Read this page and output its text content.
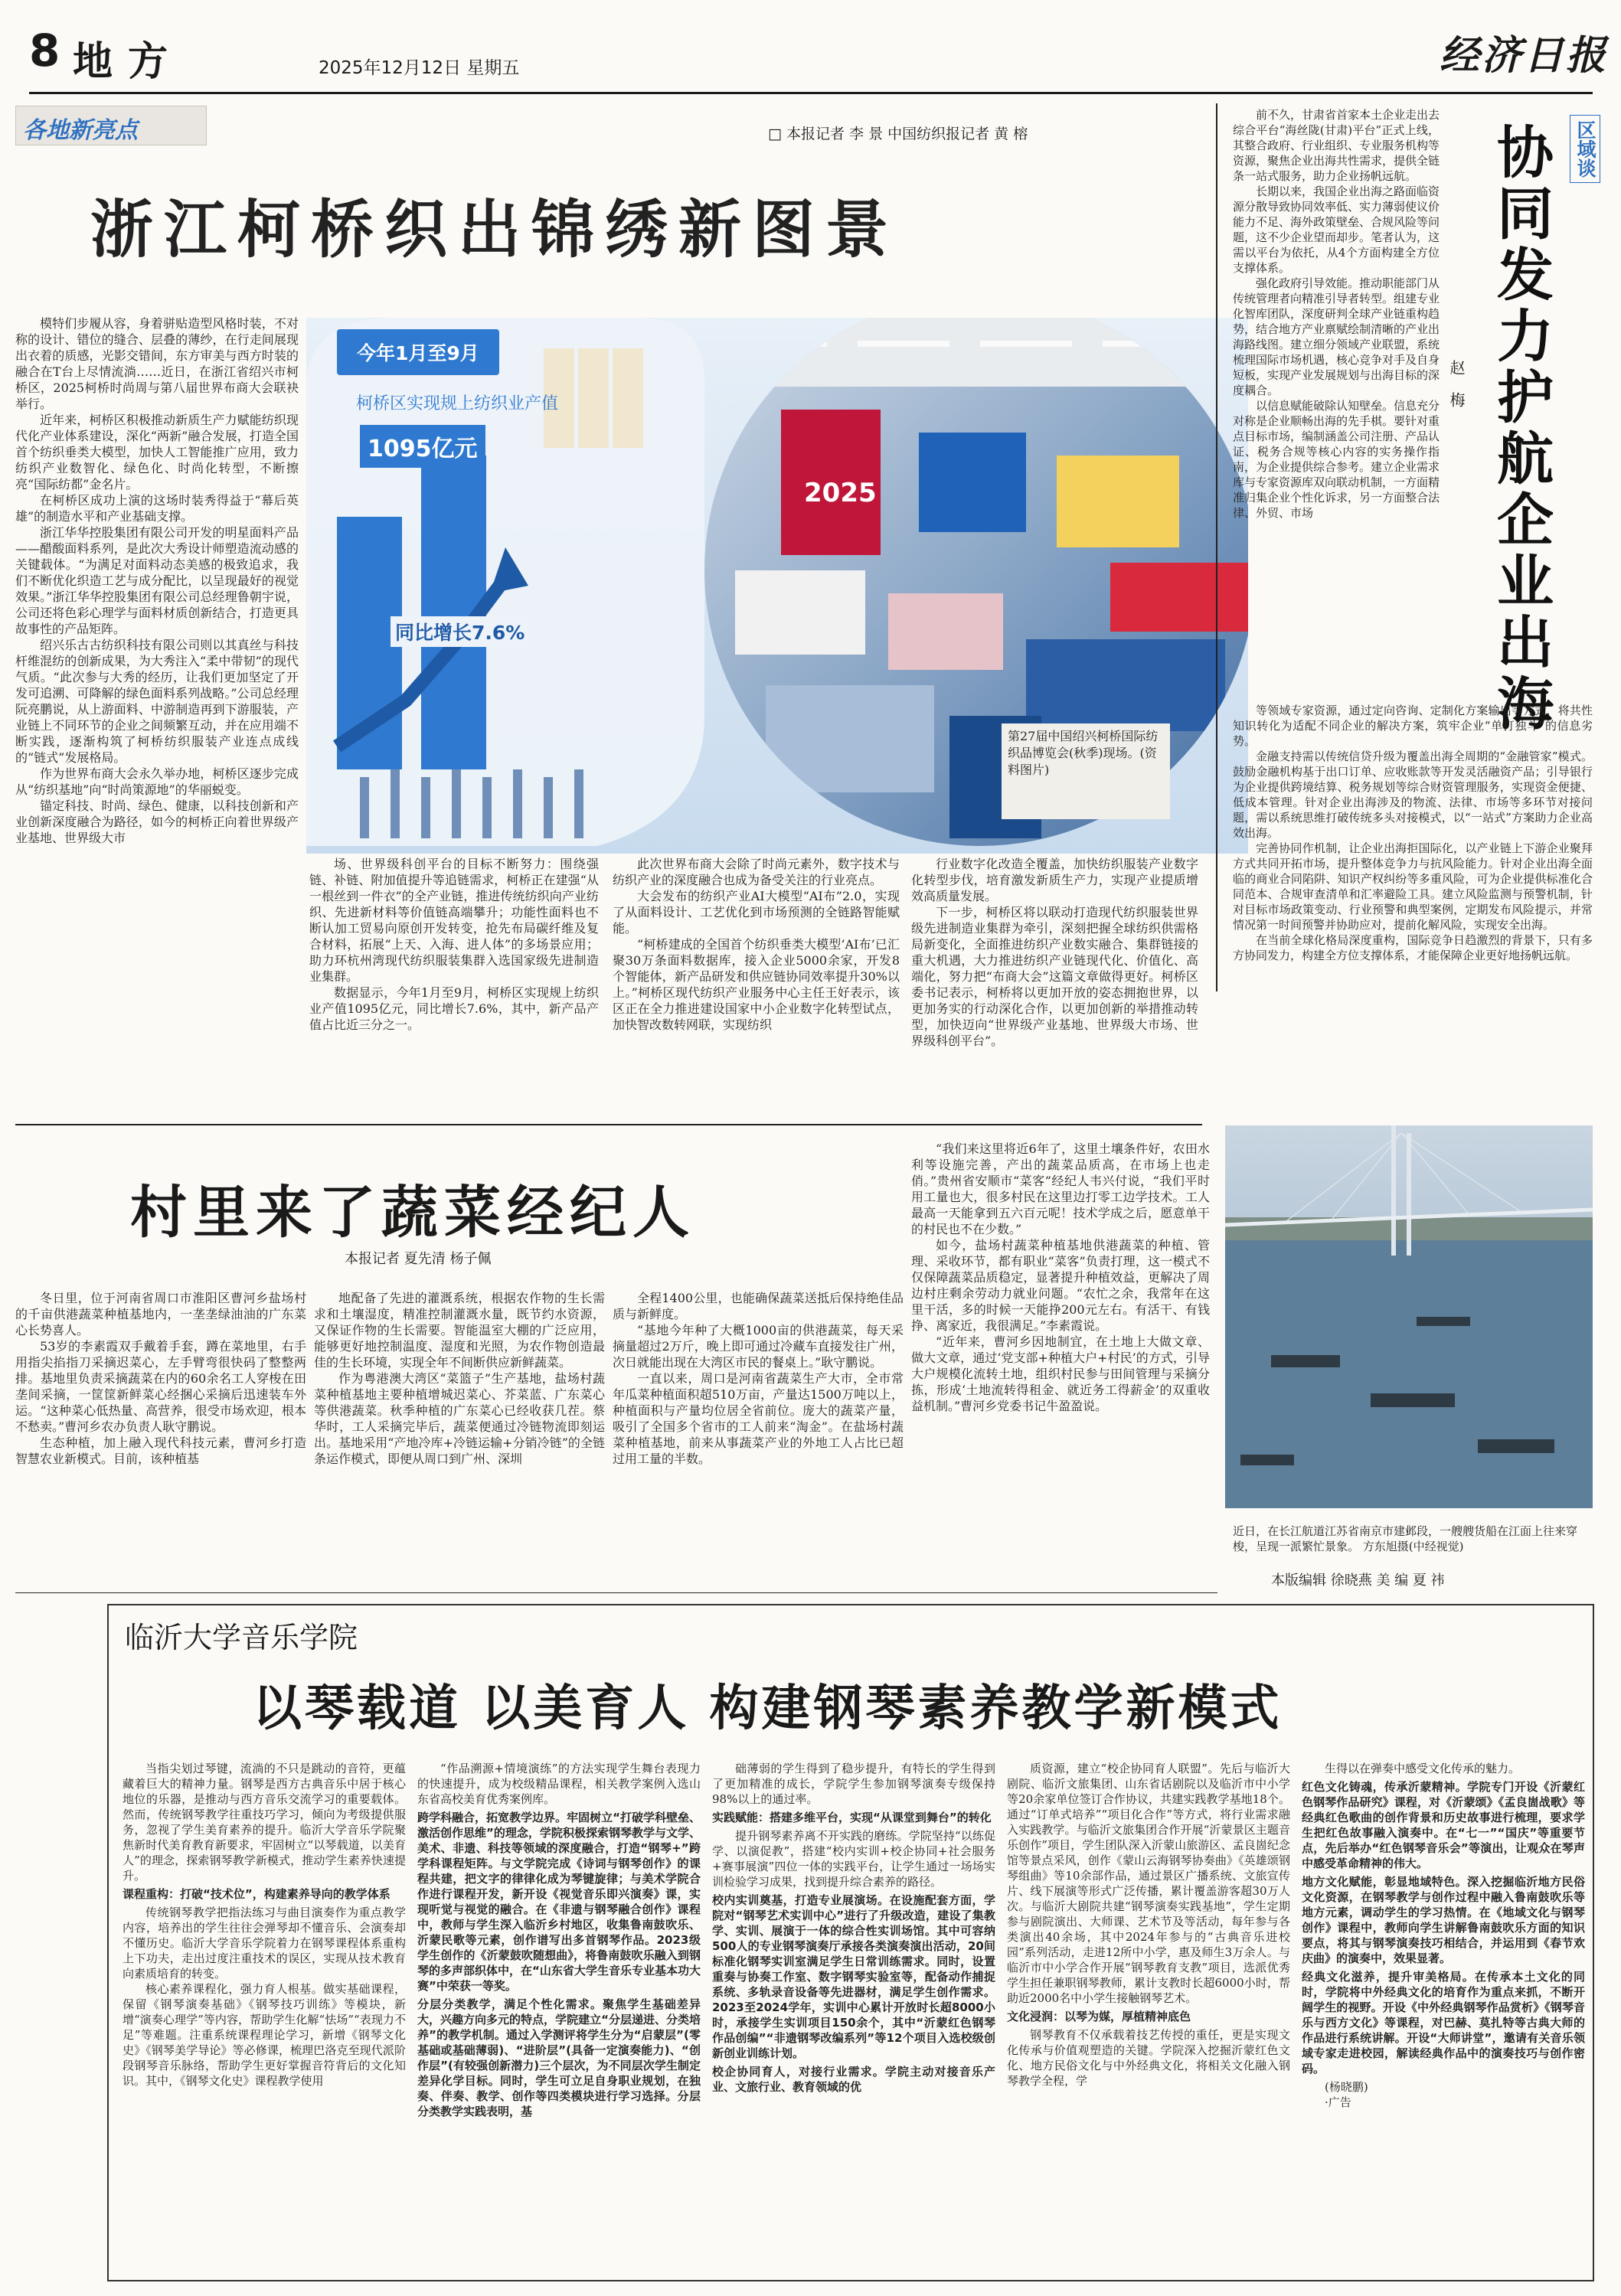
8 地方	2025年12月12日 星期五	经济日报
各地新亮点	□ 本报记者 李 景 中国纺织报记者 黄 榕
浙江柯桥织出锦绣新图景

模特们步履从容，身着骈贴造型风格时装，不对称的设计、错位的缝合、层叠的薄纱，在行走间展现出衣着的质感，光影交错间，东方审美与西方时装的融合在T台上尽情流淌……近日，在浙江省绍兴市柯桥区，2025柯桥时尚周与第八届世界布商大会联袂举行。

近年来，柯桥区积极推动新质生产力赋能纺织现代化产业体系建设，深化“两新”融合发展，打造全国首个纺织垂类大模型，加快人工智能推广应用，致力纺织产业数智化、绿色化、时尚化转型，不断擦亮“国际纺都”金名片。

在柯桥区成功上演的这场时装秀得益于“幕后英雄”的制造水平和产业基础支撑。

浙江华华控股集团有限公司开发的明星面料产品——醋酸面料系列，是此次大秀设计师塑造流动感的关键载体。“为满足对面料动态美感的极致追求，我们不断优化织造工艺与成分配比，以呈现最好的视觉效果。”浙江华华控股集团有限公司总经理鲁朝宇说，公司还将色彩心理学与面料材质创新结合，打造更具故事性的产品矩阵。

绍兴乐古古纺织科技有限公司则以其真丝与科技杆维混纺的创新成果，为大秀注入“柔中带韧”的现代气质。“此次参与大秀的经历，让我们更加坚定了开发可追溯、可降解的绿色面料系列战略。”公司总经理阮亮鹏说，从上游面料、中游制造再到下游服装，产业链上不同环节的企业之间频繁互动，并在应用端不断实践，逐渐构筑了柯桥纺织服装产业连点成线的“链式”发展格局。

作为世界布商大会永久举办地，柯桥区逐步完成从“纺织基地”向“时尚策源地”的华丽蜕变。

锚定科技、时尚、绿色、健康，以科技创新和产业创新深度融合为路径，如今的柯桥正向着世界级产业基地、世界级大市

2025
今年1月至9月
柯桥区实现规上纺织业产值
1095亿元
同比增长7.6%
第27届中国绍兴柯桥国际纺织品博览会(秋季)现场。(资料图片)

场、世界级科创平台的目标不断努力：围绕强链、补链、附加值提升等追链需求，柯桥正在建强“从一根丝到一件衣”的全产业链，推进传统纺织向产业纺织、先进新材料等价值链高端攀升；功能性面料也不断认加工贸易向原创开发转变，抢先布局碳纤维及复合材料，拓展“上天、入海、进人体”的多场景应用；助力环杭州湾现代纺织服装集群入选国家级先进制造业集群。

数据显示，今年1月至9月，柯桥区实现规上纺织业产值1095亿元，同比增长7.6%，其中，新产品产值占比近三分之一。

此次世界布商大会除了时尚元素外，数字技术与纺织产业的深度融合也成为备受关注的行业亮点。

大会发布的纺织产业AI大模型“AI布”2.0，实现了从面料设计、工艺优化到市场预测的全链路智能赋能。

“柯桥建成的全国首个纺织垂类大模型‘AI布’已汇聚30万条面料数据库，接入企业5000余家，开发8个智能体，新产品研发和供应链协同效率提升30%以上。”柯桥区现代纺织产业服务中心主任王好表示，该区正在全力推进建设国家中小企业数字化转型试点，加快智改数转网联，实现纺织

行业数字化改造全覆盖，加快纺织服装产业数字化转型步伐，培育激发新质生产力，实现产业提质增效高质量发展。

下一步，柯桥区将以联动打造现代纺织服装世界级先进制造业集群为牵引，深刻把握全球纺织供需格局新变化，全面推进纺织产业数实融合、集群链接的重大机遇，大力推进纺织产业链现代化、价值化、高端化，努力把“布商大会”这篇文章做得更好。柯桥区委书记表示，柯桥将以更加开放的姿态拥抱世界，以更加务实的行动深化合作，以更加创新的举措推动转型，加快迈向“世界级产业基地、世界级大市场、世界级科创平台”。

区域谈
协同发力护航企业出海
赵梅

前不久，甘肃省首家本土企业走出去综合平台“海丝陇(甘肃)平台”正式上线，其整合政府、行业组织、专业服务机构等资源，聚焦企业出海共性需求，提供全链条一站式服务，助力企业扬帆远航。

长期以来，我国企业出海之路面临资源分散导致协同效率低、实力薄弱使议价能力不足、海外政策壁垒、合规风险等问题，这不少企业望而却步。笔者认为，这需以平台为依托，从4个方面构建全方位支撑体系。

强化政府引导效能。推动职能部门从传统管理者向精准引导者转型。组建专业化智库团队，深度研判全球产业链重构趋势，结合地方产业禀赋绘制清晰的产业出海路线图。建立细分领域产业联盟，系统梳理国际市场机遇，核心竞争对手及自身短板，实现产业发展规划与出海目标的深度耦合。

以信息赋能破除认知壁垒。信息充分对称是企业顺畅出海的先手棋。要针对重点目标市场，编制涵盖公司注册、产品认证、税务合规等核心内容的实务操作指南，为企业提供综合参考。建立企业需求库与专家资源库双向联动机制，一方面精准归集企业个性化诉求，另一方面整合法律、外贸、市场

等领域专家资源，通过定向咨询、定制化方案输出等方式，将共性知识转化为适配不同企业的解决方案，筑牢企业“单打独斗”的信息劣势。

金融支持需以传统信贷升级为覆盖出海全周期的“金融管家”模式。鼓励金融机构基于出口订单、应收账款等开发灵活融资产品；引导银行为企业提供跨境结算、税务规划等综合财资管理服务，实现资金便捷、低成本管理。针对企业出海涉及的物流、法律、市场等多环节对接问题，需以系统思维打破传统多头对接模式，以“一站式”方案助力企业高效出海。

完善协同作机制，让企业出海拒国际化，以产业链上下游企业聚拜方式共同开拓市场，提升整体竞争力与抗风险能力。针对企业出海全面临的商业合同陷阱、知识产权纠纷等多重风险，可为企业提供标准化合同范本、合规审查清单和汇率避险工具。建立风险监测与预警机制，针对目标市场政策变动、行业预警和典型案例，定期发布风险提示，并常情况第一时间预警并协助应对，提前化解风险，实现安全出海。

在当前全球化格局深度重构，国际竞争日趋激烈的背景下，只有多方协同发力，构建全方位支撑体系，才能保障企业更好地扬帆远航。

近日，在长江航道江苏省南京市建邺段，一艘艘货船在江面上往来穿梭，呈现一派繁忙景象。 方东旭摄(中经视觉)
本版编辑 徐晓燕 美 编 夏 祎
村里来了蔬菜经纪人
本报记者 夏先清 杨子佩

冬日里，位于河南省周口市淮阳区曹河乡盐场村的千亩供港蔬菜种植基地内，一垄垄绿油油的广东菜心长势喜人。

53岁的李素霞双手戴着手套，蹲在菜地里，右手用指尖掐指刀采摘迟菜心，左手臂弯很快码了整整两排。基地里负责采摘蔬菜在内的60余名工人穿梭在田垄间采摘，一筐筐新鲜菜心经捆心采摘后迅速装车外运。“这种菜心低热量、高营养，很受市场欢迎，根本不愁卖。”曹河乡农办负责人耿守鹏说。

生态种植，加上融入现代科技元素，曹河乡打造智慧农业新模式。目前，该种植基

地配备了先进的灌溉系统，根据农作物的生长需求和土壤湿度，精准控制灌溉水量，既节约水资源，又保证作物的生长需要。智能温室大棚的广泛应用，能够更好地控制温度、湿度和光照，为农作物创造最佳的生长环境，实现全年不间断供应新鲜蔬菜。

作为粤港澳大湾区“菜篮子”生产基地，盐场村蔬菜种植基地主要种植增城迟菜心、芥菜蓝、广东菜心等供港蔬菜。秋季种植的广东菜心已经收获几茬。蔡华时，工人采摘完毕后，蔬菜便通过冷链物流即刻运出。基地采用“产地冷库+冷链运输+分销冷链”的全链条运作模式，即便从周口到广州、深圳

全程1400公里，也能确保蔬菜送抵后保持绝佳品质与新鲜度。

“基地今年种了大概1000亩的供港蔬菜，每天采摘量超过2万斤，晚上即可通过冷藏车直接发往广州，次日就能出现在大湾区市民的餐桌上。”耿守鹏说。

一直以来，周口是河南省蔬菜生产大市，全市常年瓜菜种植面积超510万亩，产量达1500万吨以上，种植面积与产量均位居全省前位。庞大的蔬菜产量，吸引了全国多个省市的工人前来“淘金”。在盐场村蔬菜种植基地，前来从事蔬菜产业的外地工人占比已超过用工量的半数。

“我们来这里将近6年了，这里土壤条件好，农田水利等设施完善，产出的蔬菜品质高，在市场上也走俏。”贵州省安顺市“菜客”经纪人韦兴付说，“我们平时用工量也大，很多村民在这里边打零工边学技术。工人最高一天能拿到五六百元呢！技术学成之后，愿意单干的村民也不在少数。”

如今，盐场村蔬菜种植基地供港蔬菜的种植、管理、采收环节，都有职业“菜客”负责打理，这一模式不仅保障蔬菜品质稳定，显著提升种植效益，更解决了周边村庄剩余劳动力就业问题。“农忙之余，我常年在这里干活，多的时候一天能挣200元左右。有活干、有钱挣、离家近，我很满足。”李素霞说。

“近年来，曹河乡因地制宜，在土地上大做文章、做大文章，通过‘党支部+种植大户+村民’的方式，引导大户规模化流转土地，组织村民参与田间管理与采摘分拣，形成‘土地流转得租金、就近务工得薪金’的双重收益机制。”曹河乡党委书记牛盈盈说。

临沂大学音乐学院
以琴载道 以美育人 构建钢琴素养教学新模式

当指尖划过琴键，流淌的不只是跳动的音符，更蕴藏着巨大的精神力量。钢琴是西方古典音乐中居于核心地位的乐器，是推动与西方音乐交流学习的重要载体。然而，传统钢琴教学往重技巧学习，倾向为考级提供服务，忽视了学生美育素养的提升。临沂大学音乐学院聚焦新时代美育教育新要求，牢固树立“以琴载道，以美育人”的理念，探索钢琴教学新模式，推动学生素养快速提升。

课程重构：打破“技术位”，构建素养导向的教学体系

传统钢琴教学把指法练习与曲目演奏作为重点教学内容，培养出的学生往往会弹琴却不懂音乐、会演奏却不懂历史。临沂大学音乐学院着力在钢琴课程体系重构上下功夫，走出过度注重技术的误区，实现从技术教育向素质培育的转变。

核心素养课程化，强力育人根基。做实基础课程，保留《钢琴演奏基础》《钢琴技巧训练》等模块，新增“演奏心理学”等内容，帮助学生化解“怯场”“表现力不足”等难题。注重系统课程理论学习，新增《钢琴文化史》《钢琴美学导论》等必修课，梳理巴洛克至现代派阶段钢琴音乐脉络，帮助学生更好掌握音符背后的文化知识。其中，《钢琴文化史》课程教学使用

“作品溯源+情境演练”的方法实现学生舞台表现力的快速提升，成为校级精品课程，相关教学案例入选山东省高校美育优秀案例库。

跨学科融合，拓宽教学边界。牢固树立“打破学科壁垒、激活创作思维”的理念，学院积极探索钢琴教学与文学、美术、非遗、科技等领域的深度融合，打造“钢琴+”跨学科课程矩阵。与文学院完成《诗词与钢琴创作》的课程共建，把文字的律律化成为琴键旋律；与美术学院合作进行课程开发，新开设《视觉音乐即兴演奏》课，实现听觉与视觉的融合。在《非遗与钢琴融合创作》课程中，教师与学生深入临沂乡村地区，收集鲁南鼓吹乐、沂蒙民歌等元素，创作谱写出多首钢琴作品。2023级学生创作的《沂蒙鼓吹随想曲》，将鲁南鼓吹乐融入到钢琴的多声部织体中，在“山东省大学生音乐专业基本功大赛”中荣获一等奖。

分层分类教学，满足个性化需求。聚焦学生基础差异大，兴趣方向多元的特点，学院建立“分层递进、分类培养”的教学机制。通过入学测评将学生分为“启蒙层”(零基础或基础薄弱)、“进阶层”(具备一定演奏能力)、“创作层”(有较强创新潜力)三个层次，为不同层次学生制定差异化学目标。同时，学生可立足自身职业规划，在独奏、伴奏、教学、创作等四类模块进行学习选择。分层分类教学实践表明，基

础薄弱的学生得到了稳步提升，有特长的学生得到了更加精准的成长，学院学生参加钢琴演奏专级保持98%以上的通过率。

实践赋能：搭建多维平台，实现“从课堂到舞台”的转化

提升钢琴素养离不开实践的磨练。学院坚持“以练促学、以演促教”，搭建“校内实训+校企协同+社会服务+赛事展演”四位一体的实践平台，让学生通过一场场实训检验学习成果，找到提升综合素养的路径。

校内实训奠基，打造专业展演场。在设施配套方面，学院对“钢琴艺术实训中心”进行了升级改造，建设了集教学、实训、展演于一体的综合性实训场馆。其中可容纳500人的专业钢琴演奏厅承接各类演奏演出活动，20间标准化钢琴实训室满足学生日常训练需求。同时，设置重奏与协奏工作室、数字钢琴实验室等，配备动作捕捉系统、多轨录音设备等先进器材，满足学生创作需求。2023至2024学年，实训中心累计开放时长超8000小时，承接学生实训项目150余个，其中“沂蒙红色钢琴作品创编”“非遗钢琴改编系列”等12个项目入选校级创新创业训练计划。

校企协同育人，对接行业需求。学院主动对接音乐产业、文旅行业、教育领域的优

质资源，建立“校企协同育人联盟”。先后与临沂大剧院、临沂文旅集团、山东省话剧院以及临沂市中小学等20余家单位签订合作协议，共建实践教学基地18个。通过“订单式培养”“项目化合作”等方式，将行业需求融入实践教学。与临沂文旅集团合作开展“沂蒙景区主题音乐创作”项目，学生团队深入沂蒙山旅游区、孟良崮纪念馆等景点采风，创作《蒙山云海钢琴协奏曲》《英雄颂钢琴组曲》等10余部作品，通过景区广播系统、文旅宣传片、线下展演等形式广泛传播，累计覆盖游客超30万人次。与临沂大剧院共建“钢琴演奏实践基地”，学生定期参与剧院演出、大师课、艺术节及等活动，每年参与各类演出40余场，其中2024年参与的“古典音乐进校园”系列活动，走进12所中小学，惠及师生3万余人。与临沂市中小学合作开展“钢琴教育支教”项目，选派优秀学生担任兼职钢琴教师，累计支教时长超6000小时，帮助近2000名中小学生接触钢琴艺术。

文化浸润：以琴为媒，厚植精神底色

钢琴教育不仅承载着技艺传授的重任，更是实现文化传承与价值观塑造的关键。学院深入挖掘沂蒙红色文化、地方民俗文化与中外经典文化，将相关文化融入钢琴教学全程，学

生得以在弹奏中感受文化传承的魅力。

红色文化铸魂，传承沂蒙精神。学院专门开设《沂蒙红色钢琴作品研究》课程，对《沂蒙颂》《孟良崮战歌》等经典红色歌曲的创作背景和历史故事进行梳理，要求学生把红色故事融入演奏中。在“七一”“国庆”等重要节点，先后举办“红色钢琴音乐会”等演出，让观众在琴声中感受革命精神的伟大。

地方文化赋能，彰显地域特色。深入挖掘临沂地方民俗文化资源，在钢琴教学与创作过程中融入鲁南鼓吹乐等地方元素，调动学生的学习热情。在《地域文化与钢琴创作》课程中，教师向学生讲解鲁南鼓吹乐方面的知识要点，将其与钢琴演奏技巧相结合，并运用到《春节欢庆曲》的演奏中，效果显著。

经典文化滋养，提升审美格局。在传承本土文化的同时，学院将中外经典文化的培育作为重点来抓，不断开阔学生的视野。开设《中外经典钢琴作品赏析》《钢琴音乐与西方文化》等课程，对巴赫、莫扎特等古典大师的作品进行系统讲解。开设“大师讲堂”，邀请有关音乐领域专家走进校园，解读经典作品中的演奏技巧与创作密码。

(杨晓鹏)

·广告
